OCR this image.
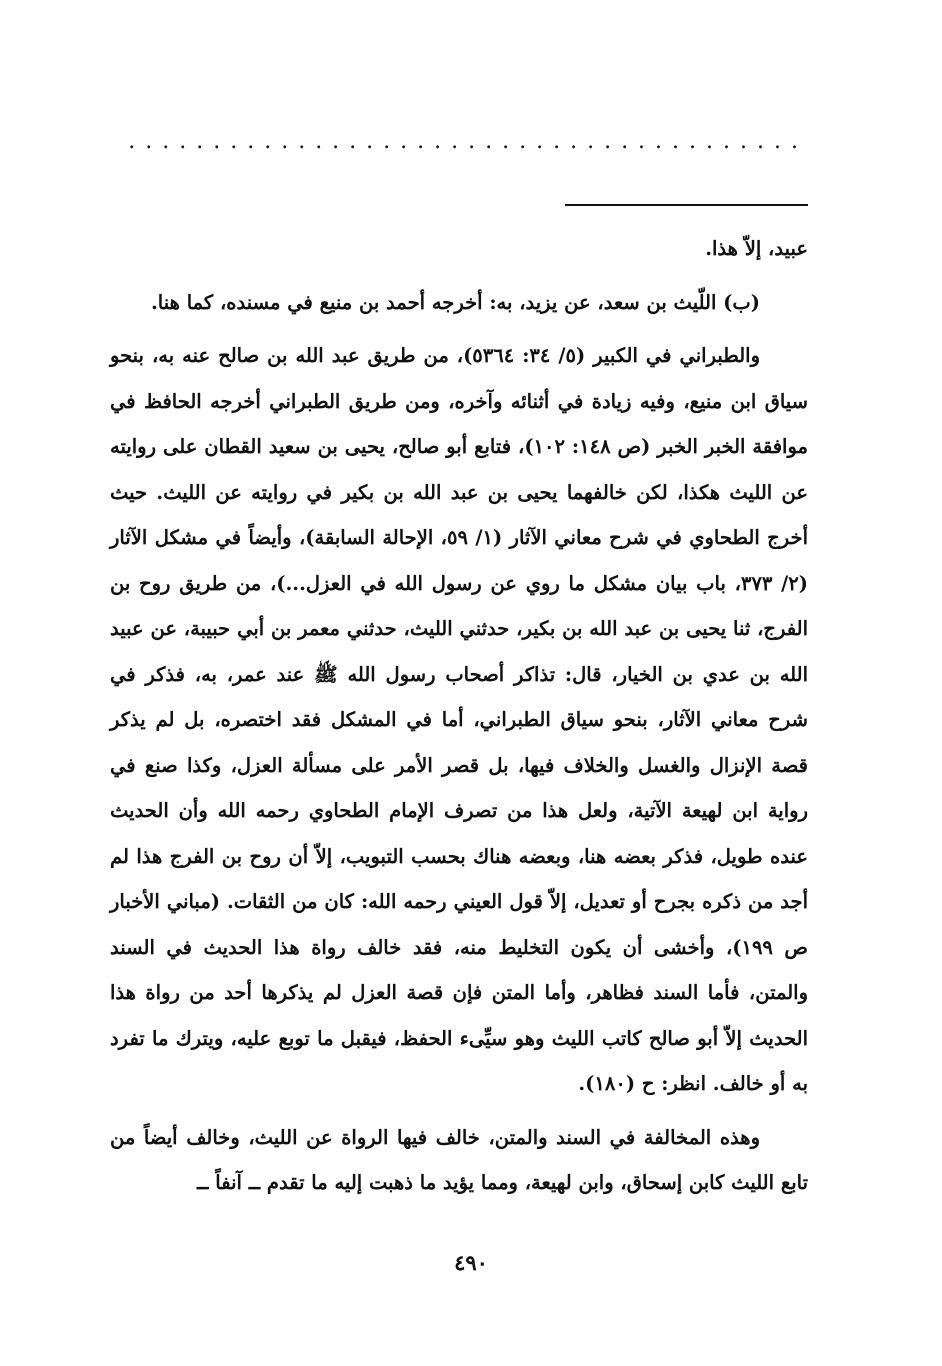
........................................

عبيد، إلاّ هذا.

(ب) اللّيث بن سعد، عن يزيد، به: أخرجه أحمد بن منيع في مسنده، كما هنا.

والطبراني في الكبير (٥/ ٣٤: ٥٣٦٤)، من طريق عبد الله بن صالح عنه به، بنحو سياق ابن منيع، وفيه زيادة في أثنائه وآخره، ومن طريق الطبراني أخرجه الحافظ في موافقة الخبر الخبر (ص ١٤٨: ١٠٢)، فتابع أبو صالح، يحيى بن سعيد القطان على روايته عن الليث هكذا، لكن خالفهما يحيى بن عبد الله بن بكير في روايته عن الليث. حيث أخرج الطحاوي في شرح معاني الآثار (١/ ٥٩، الإحالة السابقة)، وأيضاً في مشكل الآثار (٢/ ٣٧٣، باب بيان مشكل ما روي عن رسول الله في العزل...)، من طريق روح بن الفرج، ثنا يحيى بن عبد الله بن بكير، حدثني الليث، حدثني معمر بن أبي حبيبة، عن عبيد الله بن عدي بن الخيار، قال: تذاكر أصحاب رسول الله ﷺ عند عمر، به، فذكر في شرح معاني الآثار، بنحو سياق الطبراني، أما في المشكل فقد اختصره، بل لم يذكر قصة الإنزال والغسل والخلاف فيها، بل قصر الأمر على مسألة العزل، وكذا صنع في رواية ابن لهيعة الآتية، ولعل هذا من تصرف الإمام الطحاوي رحمه الله وأن الحديث عنده طويل، فذكر بعضه هنا، وبعضه هناك بحسب التبويب، إلاّ أن روح بن الفرج هذا لم أجد من ذكره بجرح أو تعديل، إلاّ قول العيني رحمه الله: كان من الثقات. (مباني الأخبار ص ١٩٩)، وأخشى أن يكون التخليط منه، فقد خالف رواة هذا الحديث في السند والمتن، فأما السند فظاهر، وأما المتن فإن قصة العزل لم يذكرها أحد من رواة هذا الحديث إلاّ أبو صالح كاتب الليث وهو سيِّىء الحفظ، فيقبل ما توبع عليه، ويترك ما تفرد به أو خالف. انظر: ح (١٨٠).

وهذه المخالفة في السند والمتن، خالف فيها الرواة عن الليث، وخالف أيضاً من تابع الليث كابن إسحاق، وابن لهيعة، ومما يؤيد ما ذهبت إليه ما تقدم ــ آنفاً ــ

٤٩٠
